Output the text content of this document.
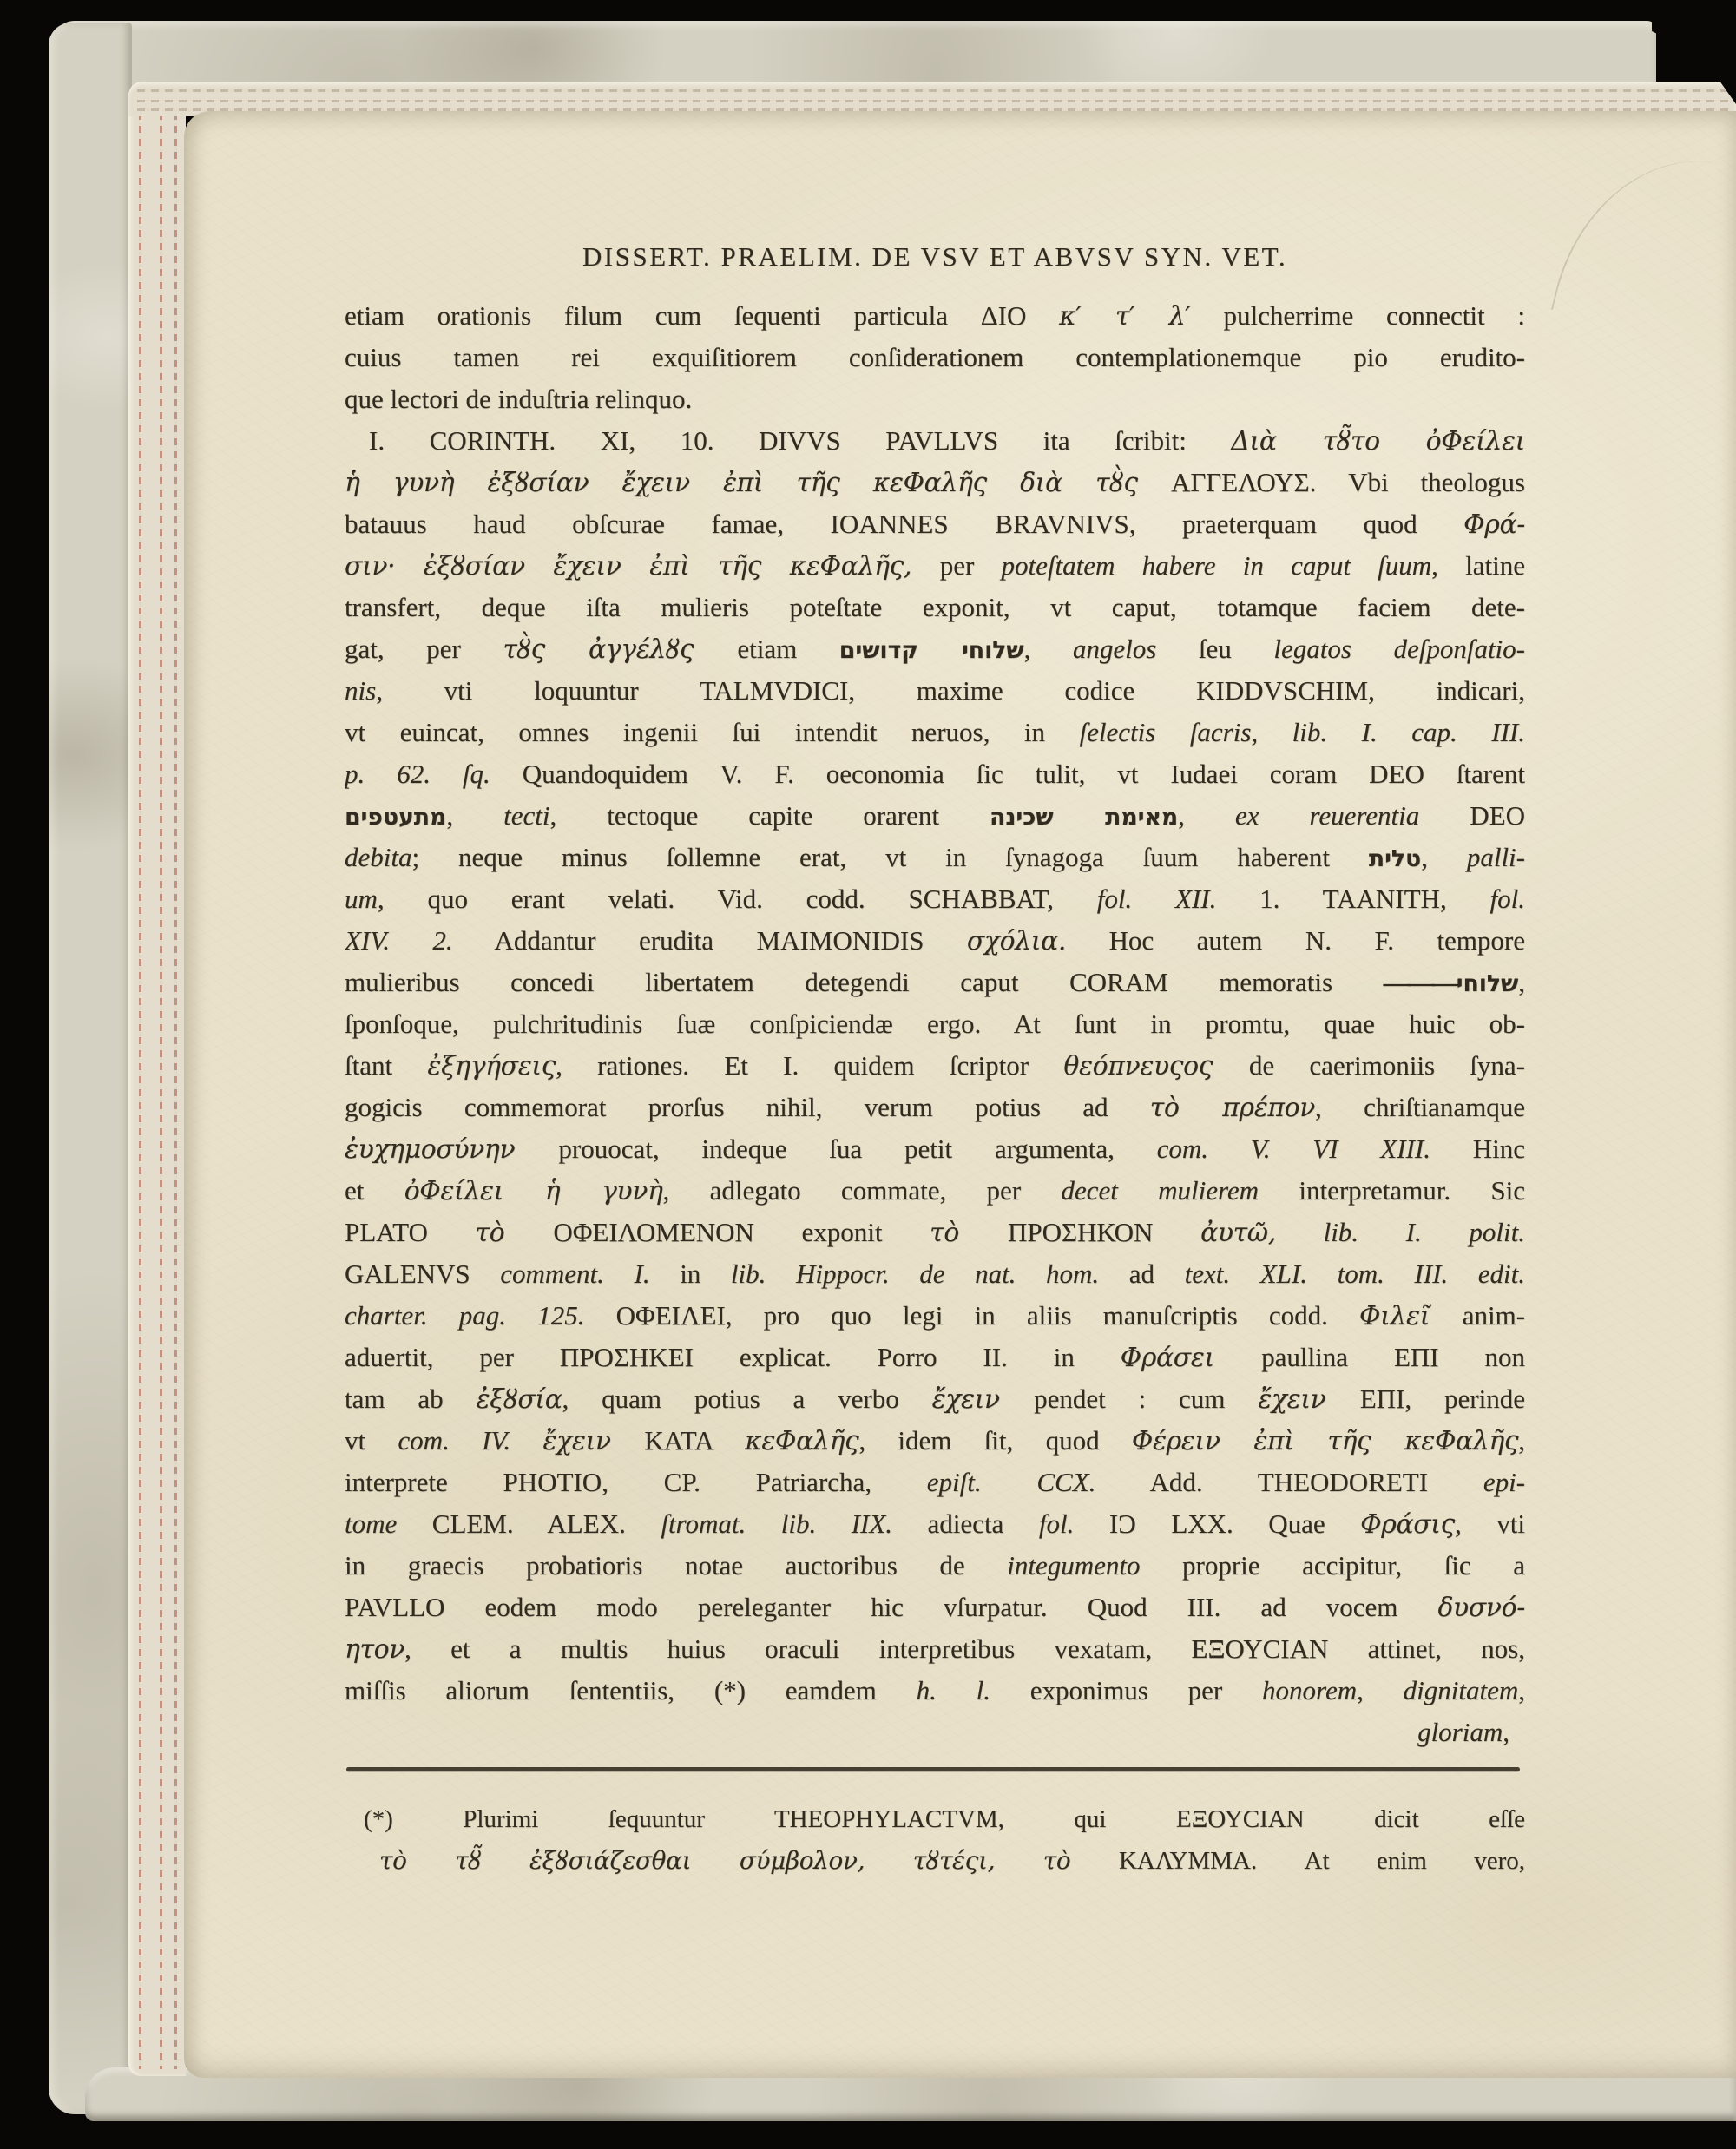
DISSERT. PRAELIM. DE VSV ET ABVSV SYN. VET.
etiam orationis filum cum ſequenti particula ΔΙΟ κ′ τ′ λ′ pulcherrime connectit :
cuius tamen rei exquiſitiorem conſiderationem contemplationemque pio erudito-
que lectori de induſtria relinquo.
I. CORINTH. XI, 10. DIVVS PAVLLVS ita ſcribit: Διὰ τȣ̃το ὀΦείλει
ἡ γυνὴ ἐξȣσίαν ἔχειν ἐπὶ τῆς κεΦαλῆς διὰ τȣ̀ς ΑΓΓΕΛΟΥΣ. Vbi theologus
batauus haud obſcurae famae, IOANNES BRAVNIVS, praeterquam quod Φρά-
σιν· ἐξȣσίαν ἔχειν ἐπὶ τῆς κεΦαλῆς, per poteſtatem habere in caput ſuum, latine
transfert, deque iſta mulieris poteſtate exponit, vt caput, totamque faciem dete-
gat, per τȣ̀ς ἀγγέλȣς etiam שלוחי קדושים, angelos ſeu legatos deſponſatio-
nis, vti loquuntur TALMVDICI, maxime codice KIDDVSCHIM, indicari,
vt euincat, omnes ingenii ſui intendit neruos, in ſelectis ſacris, lib. I. cap. III.
p. 62. ſq. Quandoquidem V. F. oeconomia ſic tulit, vt Iudaei coram DEO ſtarent
מתעטפים, tecti, tectoque capite orarent מאימת שכינה, ex reuerentia DEO
debita; neque minus ſollemne erat, vt in ſynagoga ſuum haberent טלית, palli-
um, quo erant velati. Vid. codd. SCHABBAT, fol. XII. 1. TAANITH, fol.
XIV. 2. Addantur erudita MAIMONIDIS σχόλια. Hoc autem N. F. tempore
mulieribus concedi libertatem detegendi caput CORAM memoratis ———שלוחי,
ſponſoque, pulchritudinis ſuæ conſpiciendæ ergo. At ſunt in promtu, quae huic ob-
ſtant ἐξηγήσεις, rationes. Et I. quidem ſcriptor θεόπνευςος de caerimoniis ſyna-
gogicis commemorat prorſus nihil, verum potius ad τὸ πρέπον, chriſtianamque
ἐυχημοσύνην prouocat, indeque ſua petit argumenta, com. V. VI XIII. Hinc
et ὀΦείλει ἡ γυνὴ, adlegato commate, per decet mulierem interpretamur. Sic
PLATO τὸ ΟΦΕΙΛΟΜΕΝΟΝ exponit τὸ ΠΡΟΣΗΚΟΝ ἀυτῶ, lib. I. polit.
GALENVS comment. I. in lib. Hippocr. de nat. hom. ad text. XLI. tom. III. edit.
charter. pag. 125. ΟΦΕΙΛΕΙ, pro quo legi in aliis manuſcriptis codd. Φιλεῖ anim-
aduertit, per ΠΡΟΣΗΚΕΙ explicat. Porro II. in Φράσει paullina ΕΠΙ non
tam ab ἐξȣσία, quam potius a verbo ἔχειν pendet : cum ἔχειν ΕΠΙ, perinde
vt com. IV. ἔχειν ΚΑΤΑ κεΦαλῆς, idem ſit, quod Φέρειν ἐπὶ τῆς κεΦαλῆς,
interprete PHOTIO, CP. Patriarcha, epiſt. CCX. Add. THEODORETI epi-
tome CLEM. ALEX. ſtromat. lib. IIX. adiecta fol. IƆ LXX. Quae Φράσις, vti
in graecis probatioris notae auctoribus de integumento proprie accipitur, ſic a
PAVLLO eodem modo pereleganter hic vſurpatur. Quod III. ad vocem δυσνό-
ητον, et a multis huius oraculi interpretibus vexatam, ΕΞΟΥCΙΑΝ attinet, nos,
miſſis aliorum ſententiis, (*) eamdem h. l. exponimus per honorem, dignitatem,
gloriam,
(*) Plurimi ſequuntur THEOPHYLACTVM, qui ΕΞΟΥCΙΑΝ dicit eſſe
τὸ τȣ̃ ἐξȣσιάζεσθαι σύμβολον, τȣτέςι, τὸ ΚΑΛΥΜΜΑ. At enim vero,
